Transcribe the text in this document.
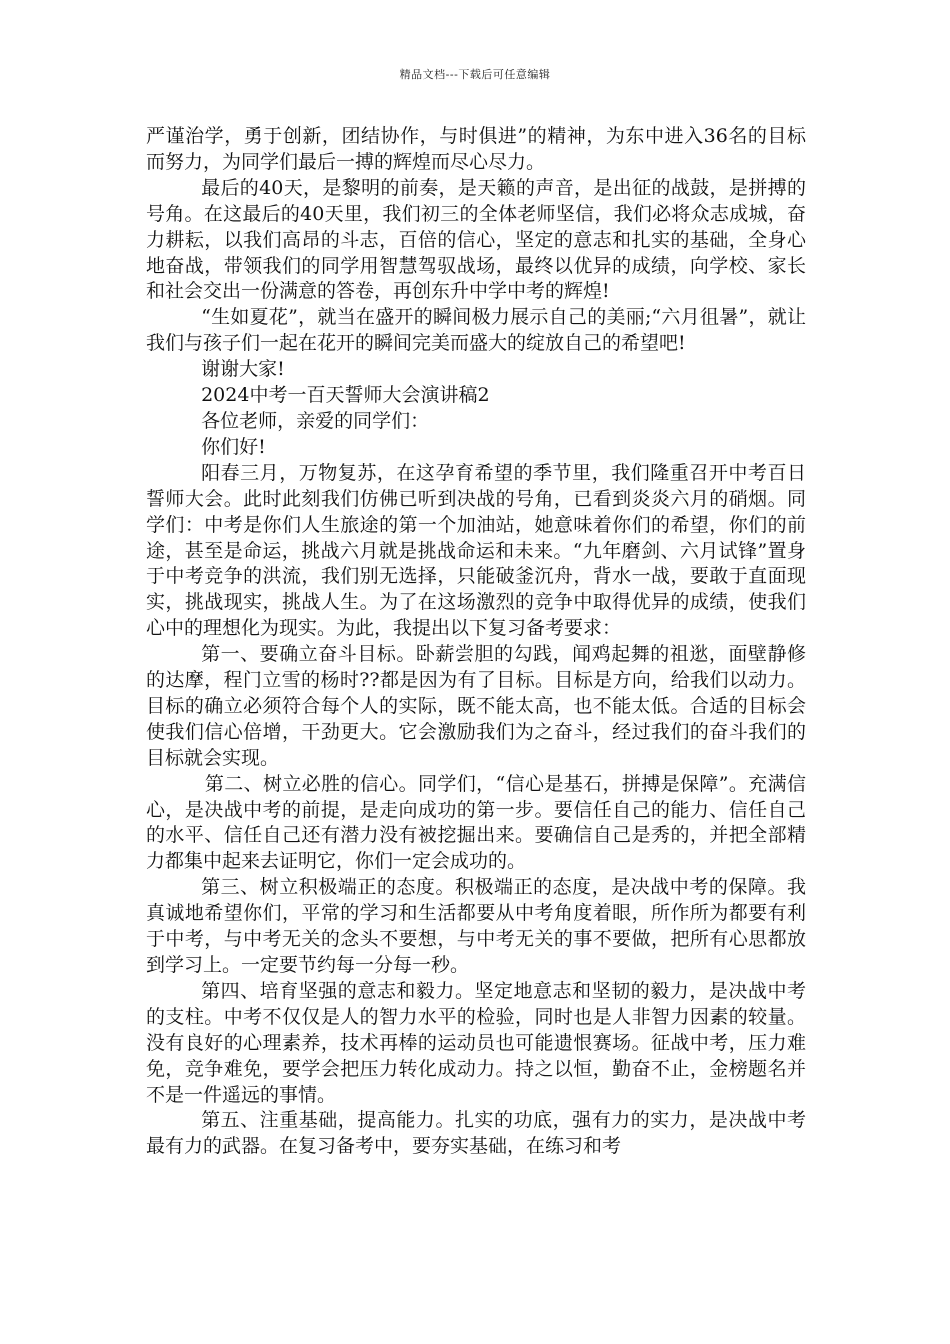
精品文档---下载后可任意编辑

严谨治学，勇于创新，团结协作，与时俱进”的精神，为东中进入36名的目标而努力，为同学们最后一搏的辉煌而尽心尽力。

最后的40天，是黎明的前奏，是天籁的声音，是出征的战鼓，是拼搏的号角。在这最后的40天里，我们初三的全体老师坚信，我们必将众志成城，奋力耕耘，以我们高昂的斗志，百倍的信心，坚定的意志和扎实的基础，全身心地奋战，带领我们的同学用智慧驾驭战场，最终以优异的成绩，向学校、家长和社会交出一份满意的答卷，再创东升中学中考的辉煌!

“生如夏花”，就当在盛开的瞬间极力展示自己的美丽;“六月徂暑”，就让我们与孩子们一起在花开的瞬间完美而盛大的绽放自己的希望吧!

谢谢大家!

2024中考一百天誓师大会演讲稿2

各位老师，亲爱的同学们：

你们好!

阳春三月，万物复苏，在这孕育希望的季节里，我们隆重召开中考百日誓师大会。此时此刻我们仿佛已听到决战的号角，已看到炎炎六月的硝烟。同学们：中考是你们人生旅途的第一个加油站，她意味着你们的希望，你们的前途，甚至是命运，挑战六月就是挑战命运和未来。“九年磨剑、六月试锋”置身于中考竞争的洪流，我们别无选择，只能破釜沉舟，背水一战，要敢于直面现实，挑战现实，挑战人生。为了在这场激烈的竞争中取得优异的成绩，使我们心中的理想化为现实。为此，我提出以下复习备考要求：

第一、要确立奋斗目标。卧薪尝胆的勾践，闻鸡起舞的祖逖，面壁静修的达摩，程门立雪的杨时??都是因为有了目标。目标是方向，给我们以动力。目标的确立必须符合每个人的实际，既不能太高，也不能太低。合适的目标会使我们信心倍增，干劲更大。它会激励我们为之奋斗，经过我们的奋斗我们的目标就会实现。

第二、树立必胜的信心。同学们，“信心是基石，拼搏是保障”。充满信心，是决战中考的前提，是走向成功的第一步。要信任自己的能力、信任自己的水平、信任自己还有潜力没有被挖掘出来。要确信自己是秀的，并把全部精力都集中起来去证明它，你们一定会成功的。

第三、树立积极端正的态度。积极端正的态度，是决战中考的保障。我真诚地希望你们，平常的学习和生活都要从中考角度着眼，所作所为都要有利于中考，与中考无关的念头不要想，与中考无关的事不要做，把所有心思都放到学习上。一定要节约每一分每一秒。

第四、培育坚强的意志和毅力。坚定地意志和坚韧的毅力，是决战中考的支柱。中考不仅仅是人的智力水平的检验，同时也是人非智力因素的较量。没有良好的心理素养，技术再棒的运动员也可能遗恨赛场。征战中考，压力难免，竞争难免，要学会把压力转化成动力。持之以恒，勤奋不止，金榜题名并不是一件遥远的事情。

第五、注重基础，提高能力。扎实的功底，强有力的实力，是决战中考最有力的武器。在复习备考中，要夯实基础，在练习和考
